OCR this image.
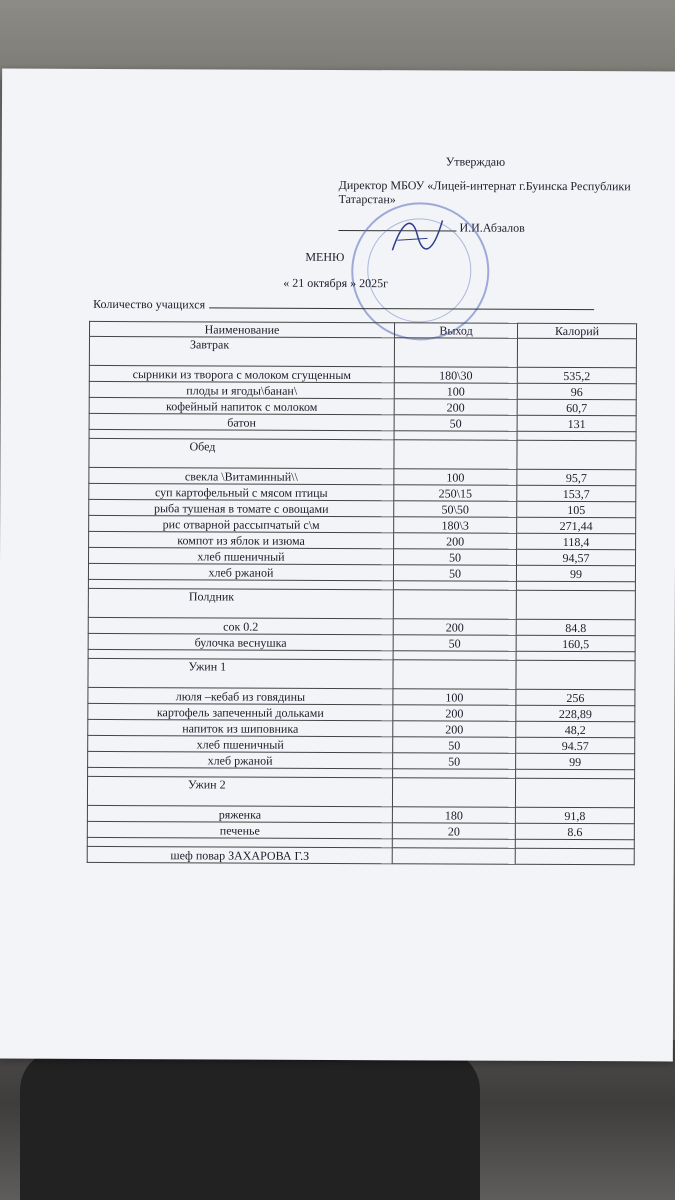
Утверждаю
Директор МБОУ «Лицей-интернат г.Буинска Республики Татарстан»
И.И.Абзалов
МЕНЮ
« 21 октября » 2025г
Количество учащихся
Наименование	Выход	Калорий
Завтрак		
сырники из творога с молоком сгущенным	180\30	535,2
плоды и ягоды\банан\	100	96
кофейный напиток с молоком	200	60,7
батон	50	131

Обед		
свекла \Витаминный\\	100	95,7
суп картофельный с мясом птицы	250\15	153,7
рыба тушеная в томате с овощами	50\50	105
рис отварной рассыпчатый с\м	180\3	271,44
компот из яблок и изюма	200	118,4
хлеб пшеничный	50	94,57
хлеб ржаной	50	99

Полдник		
сок 0.2	200	84.8
булочка веснушка	50	160,5

Ужин 1		
люля –кебаб из говядины	100	256
картофель запеченный дольками	200	228,89
напиток из шиповника	200	48,2
хлеб пшеничный	50	94.57
хлеб ржаной	50	99

Ужин 2		
ряженка	180	91,8
печенье	20	8.6

шеф повар ЗАХАРОВА Г.З		
